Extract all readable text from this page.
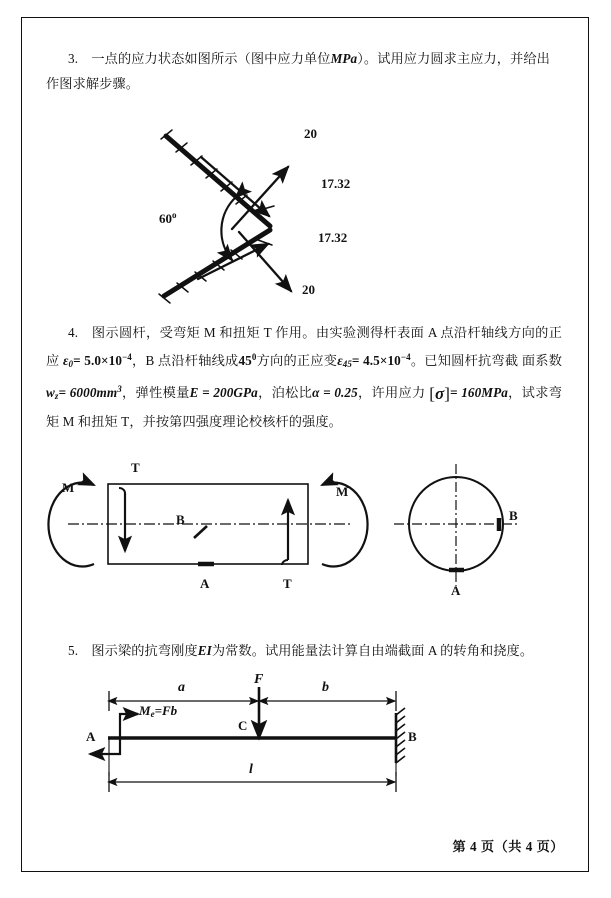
3.　一点的应力状态如图所示（图中应力单位MPa）。试用应力圆求主应力，并给出
作图求解步骤。
20
17.32
17.32
20
60$^o$
4.　图示圆杆，受弯矩 M 和扭矩 T 作用。由实验测得杆表面 A 点沿杆轴线方向的正应 $\varepsilon_0= 5.0\times 10^{-4}$，B 点沿杆轴线成$45^0$方向的正应变$\varepsilon_{45}= 4.5\times 10^{-4}$。已知圆杆抗弯截 面系数 $w_z= 6000mm^3$，弹性模量E = 200GPa，泊松比α = 0.25，许用应力 [σ]= 160MPa，试求弯矩 M 和扭矩 T，并按第四强度理论校核杆的强度。
M	M
T
T
A
B	B
A
5.　图示梁的抗弯刚度EI为常数。试用能量法计算自由端截面 A 的转角和挠度。
a	b
l
F
$M_e=Fb$
A	B
C
第 4 页（共 4 页）
